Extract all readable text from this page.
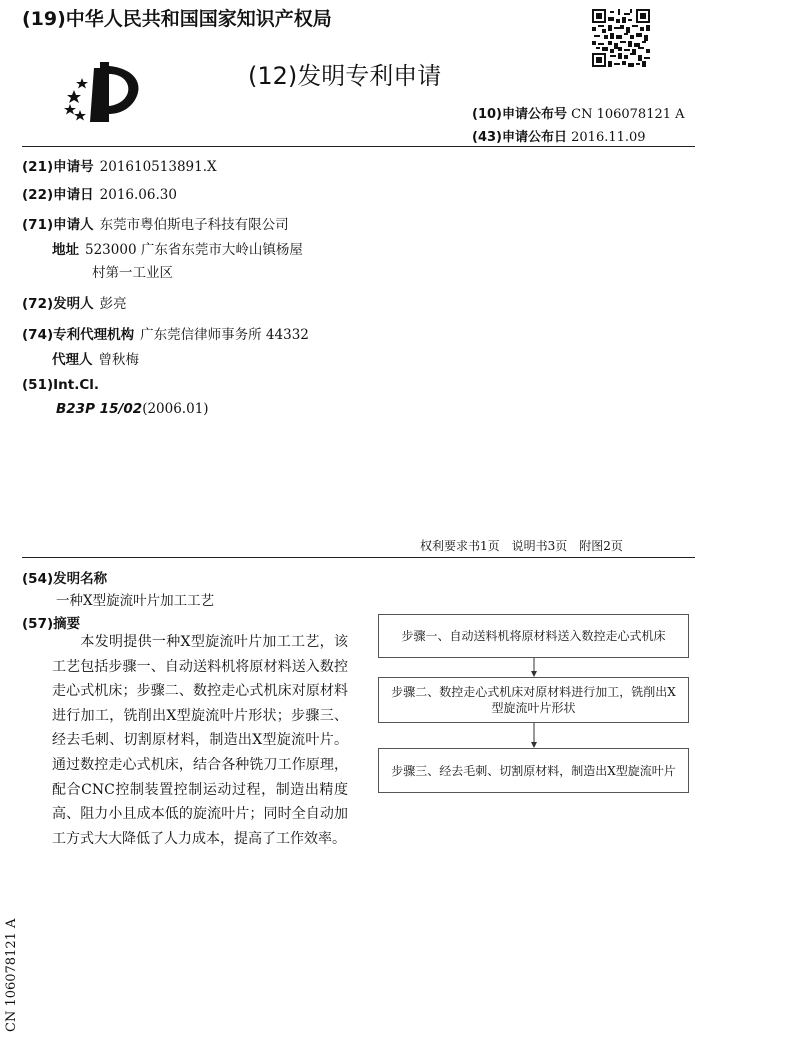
(19)中华人民共和国国家知识产权局
(12)发明专利申请
(10)申请公布号 CN 106078121 A
(43)申请公布日 2016.11.09
(21)申请号 201610513891.X
(22)申请日 2016.06.30
(71)申请人 东莞市粤伯斯电子科技有限公司
地址 523000 广东省东莞市大岭山镇杨屋
村第一工业区
(72)发明人 彭亮
(74)专利代理机构 广东莞信律师事务所 44332
代理人 曾秋梅
(51)Int.Cl.
B23P 15/02(2006.01)
权利要求书1页 说明书3页 附图2页
(54)发明名称
一种X型旋流叶片加工工艺
(57)摘要
本发明提供一种X型旋流叶片加工工艺，该工艺包括步骤一、自动送料机将原材料送入数控走心式机床；步骤二、数控走心式机床对原材料进行加工，铣削出X型旋流叶片形状；步骤三、经去毛刺、切割原材料，制造出X型旋流叶片。通过数控走心式机床，结合各种铣刀工作原理，配合CNC控制装置控制运动过程，制造出精度高、阻力小且成本低的旋流叶片；同时全自动加工方式大大降低了人力成本，提高了工作效率。
步骤一、自动送料机将原材料送入数控走心式机床
步骤二、数控走心式机床对原材料进行加工，铣削出X型旋流叶片形状
步骤三、经去毛刺、切割原材料，制造出X型旋流叶片
CN 106078121 A
